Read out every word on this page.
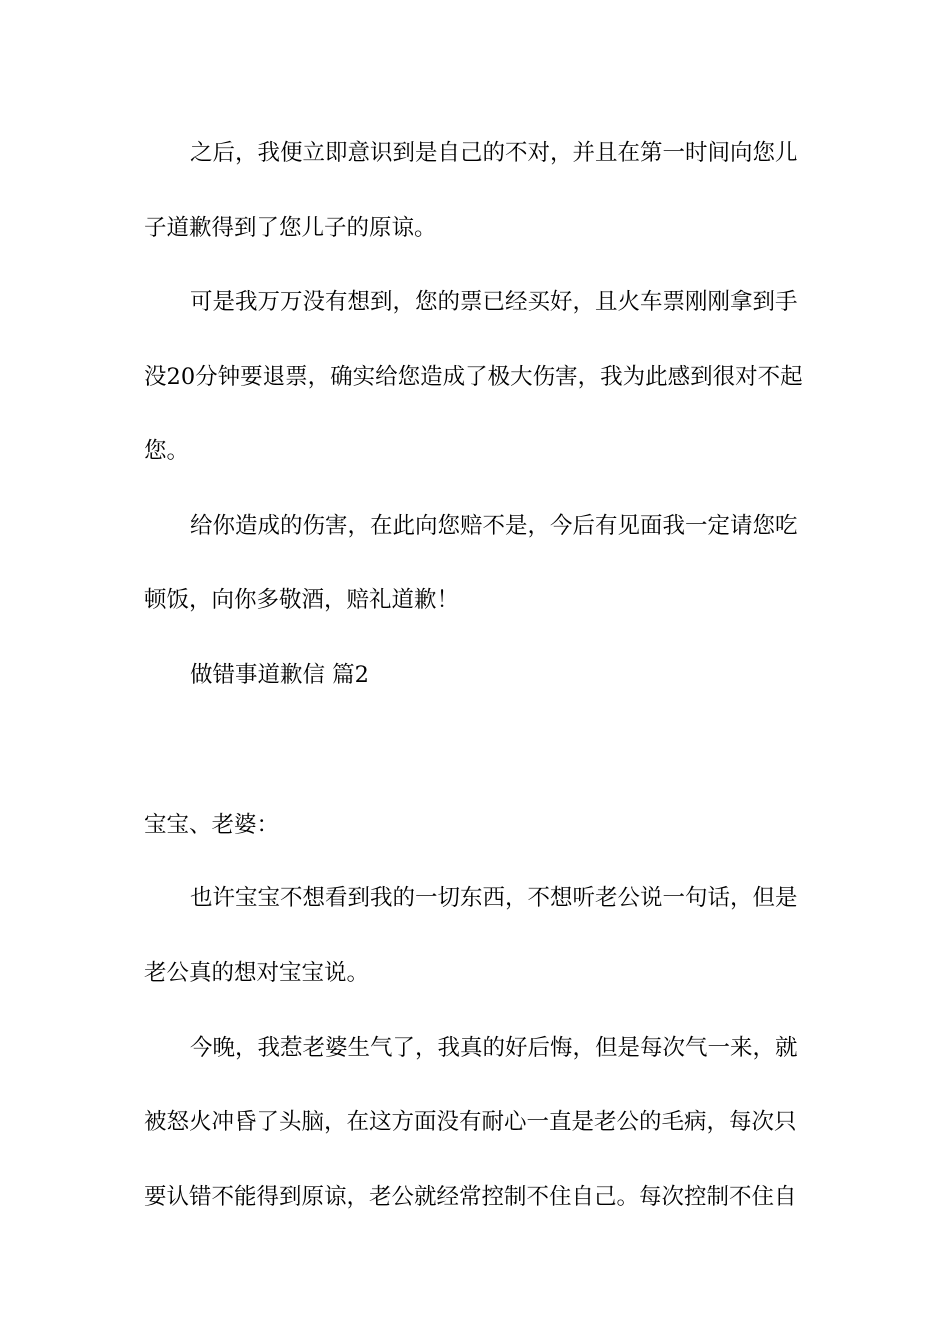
之后，我便立即意识到是自己的不对，并且在第一时间向您儿

子道歉得到了您儿子的原谅。

可是我万万没有想到，您的票已经买好，且火车票刚刚拿到手

没20分钟要退票，确实给您造成了极大伤害，我为此感到很对不起

您。

给你造成的伤害，在此向您赔不是，今后有见面我一定请您吃

顿饭，向你多敬酒，赔礼道歉！

做错事道歉信 篇2

宝宝、老婆：

也许宝宝不想看到我的一切东西，不想听老公说一句话，但是

老公真的想对宝宝说。

今晚，我惹老婆生气了，我真的好后悔，但是每次气一来，就

被怒火冲昏了头脑，在这方面没有耐心一直是老公的毛病，每次只

要认错不能得到原谅，老公就经常控制不住自己。每次控制不住自
